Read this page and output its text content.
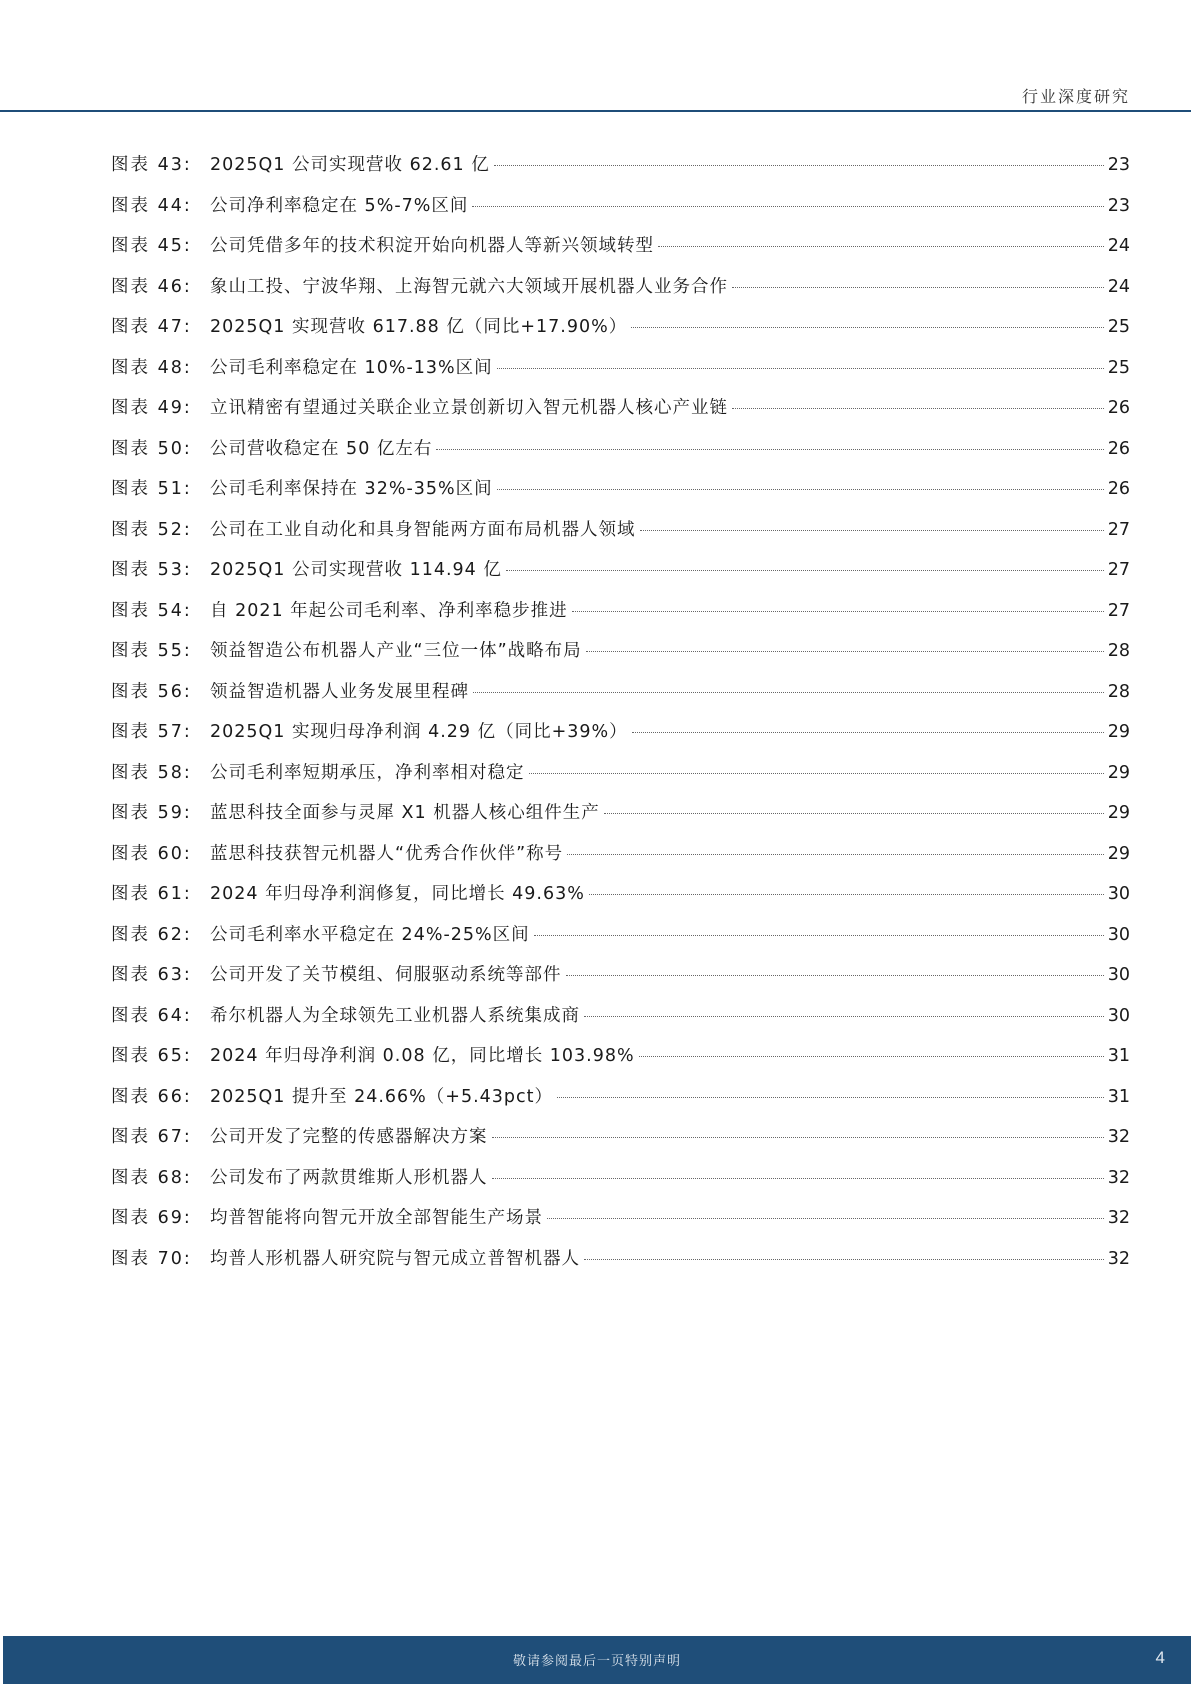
行业深度研究
图表 43:	2025Q1 公司实现营收 62.61 亿	23
图表 44:	公司净利率稳定在 5%-7%区间	23
图表 45:	公司凭借多年的技术积淀开始向机器人等新兴领域转型	24
图表 46:	象山工投、宁波华翔、上海智元就六大领域开展机器人业务合作	24
图表 47:	2025Q1 实现营收 617.88 亿（同比+17.90%）	25
图表 48:	公司毛利率稳定在 10%-13%区间	25
图表 49:	立讯精密有望通过关联企业立景创新切入智元机器人核心产业链	26
图表 50:	公司营收稳定在 50 亿左右	26
图表 51:	公司毛利率保持在 32%-35%区间	26
图表 52:	公司在工业自动化和具身智能两方面布局机器人领域	27
图表 53:	2025Q1 公司实现营收 114.94 亿	27
图表 54:	自 2021 年起公司毛利率、净利率稳步推进	27
图表 55:	领益智造公布机器人产业“三位一体”战略布局	28
图表 56:	领益智造机器人业务发展里程碑	28
图表 57:	2025Q1 实现归母净利润 4.29 亿（同比+39%）	29
图表 58:	公司毛利率短期承压，净利率相对稳定	29
图表 59:	蓝思科技全面参与灵犀 X1 机器人核心组件生产	29
图表 60:	蓝思科技获智元机器人“优秀合作伙伴”称号	29
图表 61:	2024 年归母净利润修复，同比增长 49.63%	30
图表 62:	公司毛利率水平稳定在 24%-25%区间	30
图表 63:	公司开发了关节模组、伺服驱动系统等部件	30
图表 64:	希尔机器人为全球领先工业机器人系统集成商	30
图表 65:	2024 年归母净利润 0.08 亿，同比增长 103.98%	31
图表 66:	2025Q1 提升至 24.66%（+5.43pct）	31
图表 67:	公司开发了完整的传感器解决方案	32
图表 68:	公司发布了两款贯维斯人形机器人	32
图表 69:	均普智能将向智元开放全部智能生产场景	32
图表 70:	均普人形机器人研究院与智元成立普智机器人	32
敬请参阅最后一页特别声明	4
